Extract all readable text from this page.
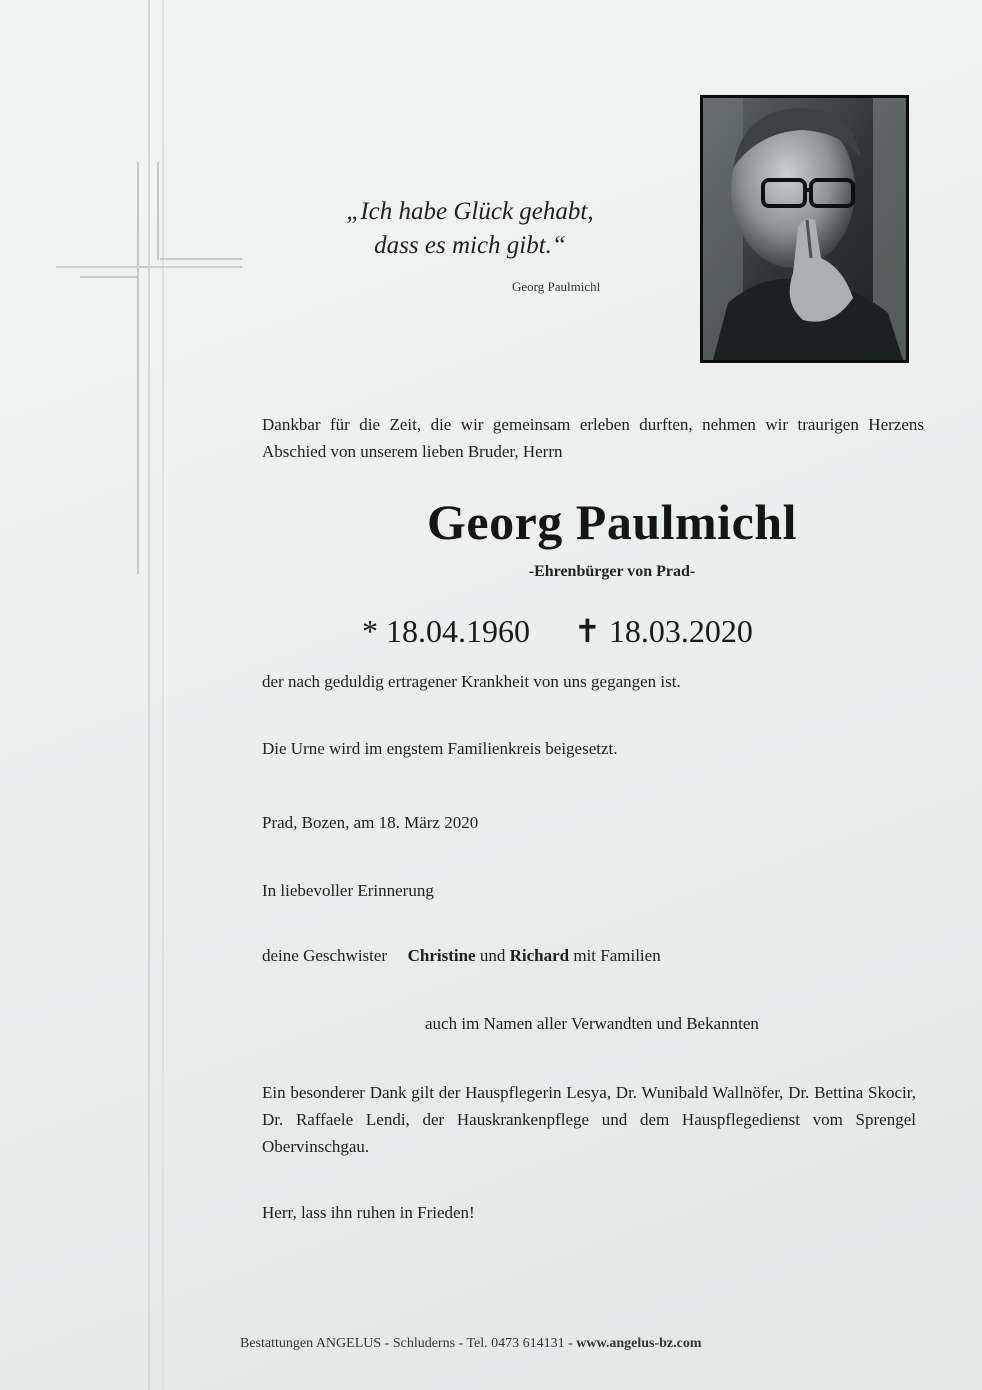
„Ich habe Glück gehabt,
dass es mich gibt.“
Georg Paulmichl
Dankbar für die Zeit, die wir gemeinsam erleben durften, nehmen wir traurigen Herzens Abschied von unserem lieben Bruder, Herrn
Georg Paulmichl
-Ehrenbürger von Prad-
* 18.04.1960 ✝ 18.03.2020
der nach geduldig ertragener Krankheit von uns gegangen ist.
Die Urne wird im engstem Familienkreis beigesetzt.
Prad, Bozen, am 18. März 2020
In liebevoller Erinnerung
deine Geschwister Christine und Richard mit Familien
auch im Namen aller Verwandten und Bekannten
Ein besonderer Dank gilt der Hauspflegerin Lesya, Dr. Wunibald Wallnöfer, Dr. Bettina Skocir, Dr. Raffaele Lendi, der Hauskrankenpflege und dem Hauspflegedienst vom Sprengel Obervinschgau.
Herr, lass ihn ruhen in Frieden!
Bestattungen ANGELUS - Schluderns - Tel. 0473 614131 - www.angelus-bz.com
